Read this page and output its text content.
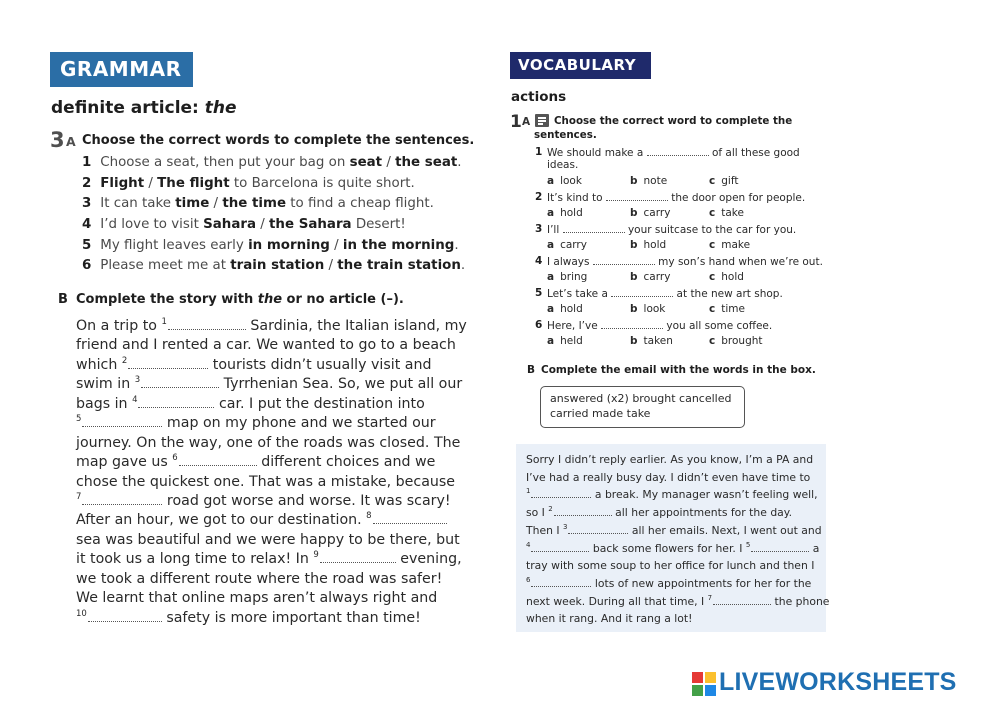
GRAMMAR
definite article: the
3 A Choose the correct words to complete the sentences.
1 Choose a seat, then put your bag on seat / the seat.
2 Flight / The flight to Barcelona is quite short.
3 It can take time / the time to find a cheap flight.
4 I’d love to visit Sahara / the Sahara Desert!
5 My flight leaves early in morning / in the morning.
6 Please meet me at train station / the train station.
B Complete the story with the or no article (–).
On a trip to $^1$	Sardinia, the Italian island, my
friend and I rented a car. We wanted to go to a beach
which $^2$	tourists didn’t usually visit and
swim in $^3$	Tyrrhenian Sea. So, we put all our
bags in $^4$	car. I put the destination into
$^5$	map on my phone and we started our
journey. On the way, one of the roads was closed. The
map gave us $^6$	different choices and we
chose the quickest one. That was a mistake, because
$^7$	road got worse and worse. It was scary!
After an hour, we got to our destination. $^8$
sea was beautiful and we were happy to be there, but
it took us a long time to relax! In $^9$	evening,
we took a different route where the road was safer!
We learnt that online maps aren’t always right and
$^{10}$	safety is more important than time!
VOCABULARY
actions
1 A Choose the correct word to complete the
sentences.
1 We should make a	of all these good
ideas.
a look	b note	c gift
2 It’s kind to	the door open for people.
a hold	b carry	c take
3 I’ll	your suitcase to the car for you.
a carry	b hold	c make
4 I always	my son’s hand when we’re out.
a bring	b carry	c hold
5 Let’s take a	at the new art shop.
a hold	b look	c time
6 Here, I’ve	you all some coffee.
a held	b taken	c brought
B Complete the email with the words in the box.
answered (x2) brought cancelled
carried made take
Sorry I didn’t reply earlier. As you know, I’m a PA and
I’ve had a really busy day. I didn’t even have time to
$^1$	a break. My manager wasn’t feeling well,
so I $^2$	all her appointments for the day.
Then I $^3$	all her emails. Next, I went out and
$^4$	back some flowers for her. I $^5$	a
tray with some soup to her office for lunch and then I
$^6$	lots of new appointments for her for the
next week. During all that time, I $^7$	the phone
when it rang. And it rang a lot!
LIVEWORKSHEETS
